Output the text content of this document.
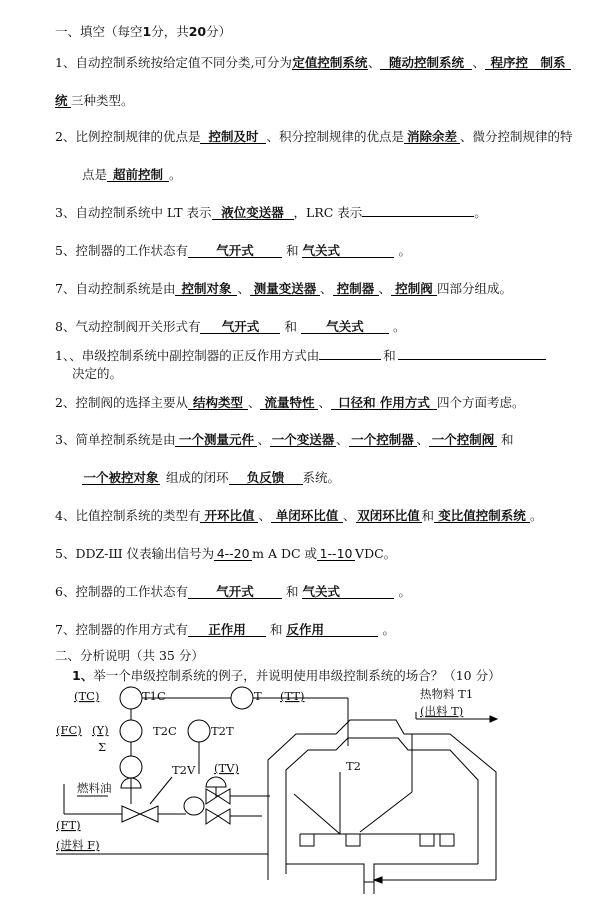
一、填空（每空1分，共20分）
1、自动控制系统按给定值不同分类,可分为定值控制系统、 随动控制系统 、 程序控　制系
统 三种类型。
2、比例控制规律的优点是 控制及时 、积分控制规律的优点是 消除余差 、微分控制规律的特
点是 超前控制 。
3、自动控制系统中 LT 表示 液位变送器 ，LRC 表示	。
5、控制器的工作状态有 气开式	和 气关式	。
7、自动控制系统是由 控制对象 、 测量变送器 、 控制器 、 控制阀 四部分组成。
8、气动控制阀开关形式有 气开式 和 气关式 。
1、、串级控制系统中副控制器的正反作用方式由	和
决定的。
2、控制阀的选择主要从 结构类型 、 流量特性 、 口径和 作用方式 四个方面考虑。
3、简单控制系统是由 一个测量元件 、 一个变送器 、 一个控制器 、 一个控制阀 和
一个被控对象 组成的闭环 负反馈 系统。
4、比值控制系统的类型有 开环比值 、 单闭环比值 、 双闭环比值 和 变比值控制系统 。
5、DDZ-Ш 仪表输出信号为 4--20 m A DC 或 1--10 VDC。
6、控制器的工作状态有 气开式	和 气关式	。
7、控制器的作用方式有 正作用 和 反作用	。
二、分析说明（共 35 分）
1、举一个串级控制系统的例子，并说明使用串级控制系统的场合？（10 分）
(TC)	T1C	T (TT)	热物料 T1
(出料 T)
(FC) (Y)
Σ
T2C	T2T
T2V (TV)
燃料油
T2
(FT)
(进料 F)
